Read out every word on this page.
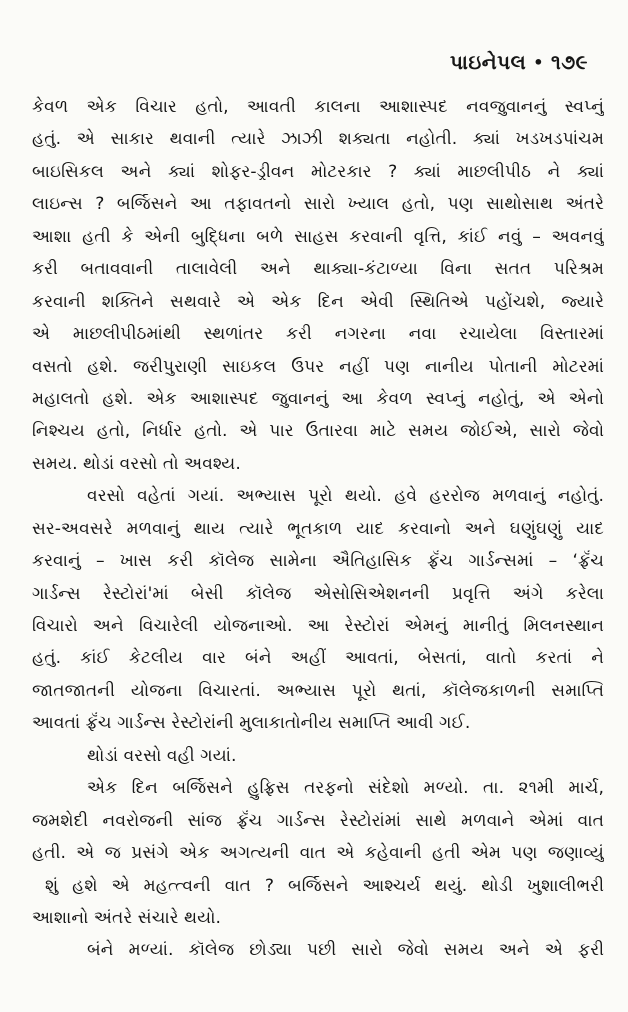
પાઇનેપલ • ૧૭૯
કેવળ એક વિચાર હતો, આવતી કાલના આશાસ્પદ નવજુવાનનું સ્વપ્નું
હતું. એ સાકાર થવાની ત્યારે ઝાઝી શક્યતા નહોતી. ક્યાં ખડખડપાંચમ
બાઇસિકલ અને ક્યાં શોફર-ડ્રીવન મોટરકાર ? ક્યાં માછલીપીઠ ને ક્યાં
લાઇન્સ ? બર્જિસને આ તફાવતનો સારો ખ્યાલ હતો, પણ સાથોસાથ અંતરે
આશા હતી કે એની બુદ્ધિના બળે સાહસ કરવાની વૃત્તિ, કાંઈ નવું – અવનવું
કરી બતાવવાની તાલાવેલી અને થાક્યા-કંટાળ્યા વિના સતત પરિશ્રમ
કરવાની શક્તિને સથવારે એ એક દિન એવી સ્થિતિએ પહોંચશે, જ્યારે
એ માછલીપીઠમાંથી સ્થળાંતર કરી નગરના નવા રચાયેલા વિસ્તારમાં
વસતો હશે. જરીપુરાણી સાઇકલ ઉપર નહીં પણ નાનીય પોતાની મોટરમાં
મહાલતો હશે. એક આશાસ્પદ જુવાનનું આ કેવળ સ્વપ્નું નહોતું, એ એનો
નિશ્ચય હતો, નિર્ધાર હતો. એ પાર ઉતારવા માટે સમય જોઈએ, સારો જેવો
સમય. થોડાં વરસો તો અવશ્ય.
વરસો વહેતાં ગયાં. અભ્યાસ પૂરો થયો. હવે હરરોજ મળવાનું નહોતું.
સર-અવસરે મળવાનું થાય ત્યારે ભૂતકાળ યાદ કરવાનો અને ઘણુંઘણું યાદ
કરવાનું – ખાસ કરી કૉલેજ સામેના ઐતિહાસિક ફ્રૅંચ ગાર્ડન્સમાં – ‘ફ્રૅંચ
ગાર્ડન્સ રેસ્ટોરાં'માં બેસી કૉલેજ એસોસિએશનની પ્રવૃત્તિ અંગે કરેલા
વિચારો અને વિચારેલી યોજનાઓ. આ રેસ્ટોરાં એમનું માનીતું મિલનસ્થાન
હતું. કાંઈ કેટલીય વાર બંને અહીં આવતાં, બેસતાં, વાતો કરતાં ને
જાતજાતની યોજના વિચારતાં. અભ્યાસ પૂરો થતાં, કૉલેજકાળની સમાપ્તિ
આવતાં ફ્રૅંચ ગાર્ડન્સ રેસ્ટોરાંની મુલાકાતોનીય સમાપ્તિ આવી ગઈ.
થોડાં વરસો વહી ગયાં.
એક દિન બર્જિસને હુફ્રિસ તરફનો સંદેશો મળ્યો. તા. ૨૧મી માર્ચ,
જમશેદી નવરોજની સાંજ ફ્રૅંચ ગાર્ડન્સ રેસ્ટોરાંમાં સાથે મળવાને એમાં વાત
હતી. એ જ પ્રસંગે એક અગત્યની વાત એ કહેવાની હતી એમ પણ જણાવ્યું
શું હશે એ મહત્ત્વની વાત ? બર્જિસને આશ્ચર્ય થયું. થોડી ખુશાલીભરી
આશાનો અંતરે સંચારે થયો.
બંને મળ્યાં. કૉલેજ છોડ્યા પછી સારો જેવો સમય અને એ ફરી
